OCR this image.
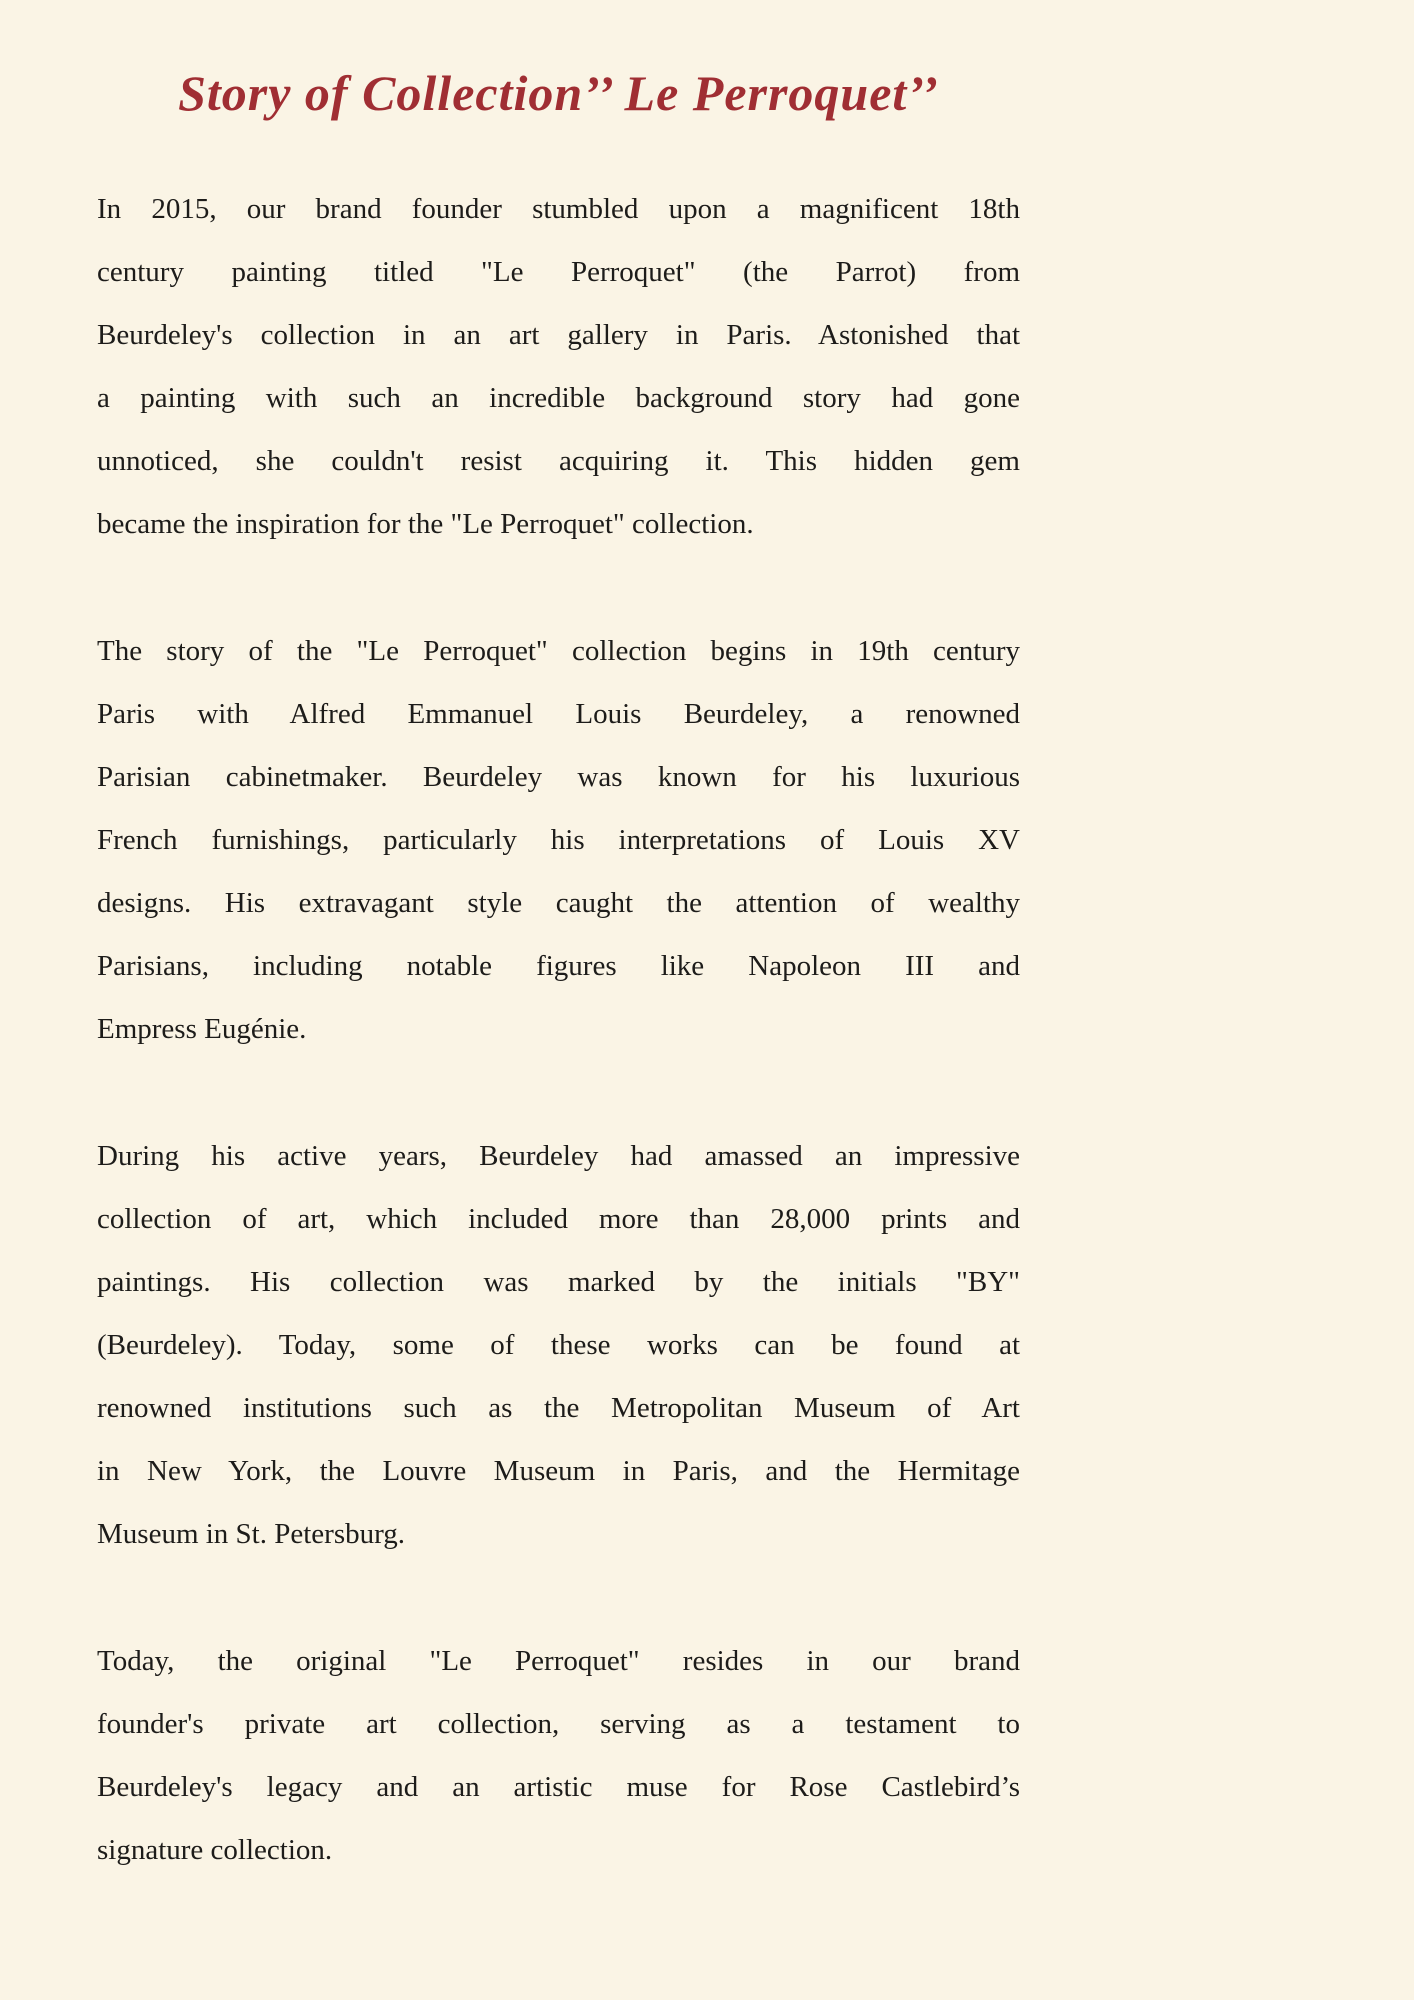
Story of Collection’’ Le Perroquet’’

In 2015, our brand founder stumbled upon a magnificent 18th
century painting titled "Le Perroquet" (the Parrot) from
Beurdeley's collection in an art gallery in Paris. Astonished that
a painting with such an incredible background story had gone
unnoticed, she couldn't resist acquiring it. This hidden gem
became the inspiration for the "Le Perroquet" collection.

The story of the "Le Perroquet" collection begins in 19th century
Paris with Alfred Emmanuel Louis Beurdeley, a renowned
Parisian cabinetmaker. Beurdeley was known for his luxurious
French furnishings, particularly his interpretations of Louis XV
designs. His extravagant style caught the attention of wealthy
Parisians, including notable figures like Napoleon III and
Empress Eugénie.

During his active years, Beurdeley had amassed an impressive
collection of art, which included more than 28,000 prints and
paintings. His collection was marked by the initials "BY"
(Beurdeley). Today, some of these works can be found at
renowned institutions such as the Metropolitan Museum of Art
in New York, the Louvre Museum in Paris, and the Hermitage
Museum in St. Petersburg.

Today, the original "Le Perroquet" resides in our brand
founder's private art collection, serving as a testament to
Beurdeley's legacy and an artistic muse for Rose Castlebird’s
signature collection.
